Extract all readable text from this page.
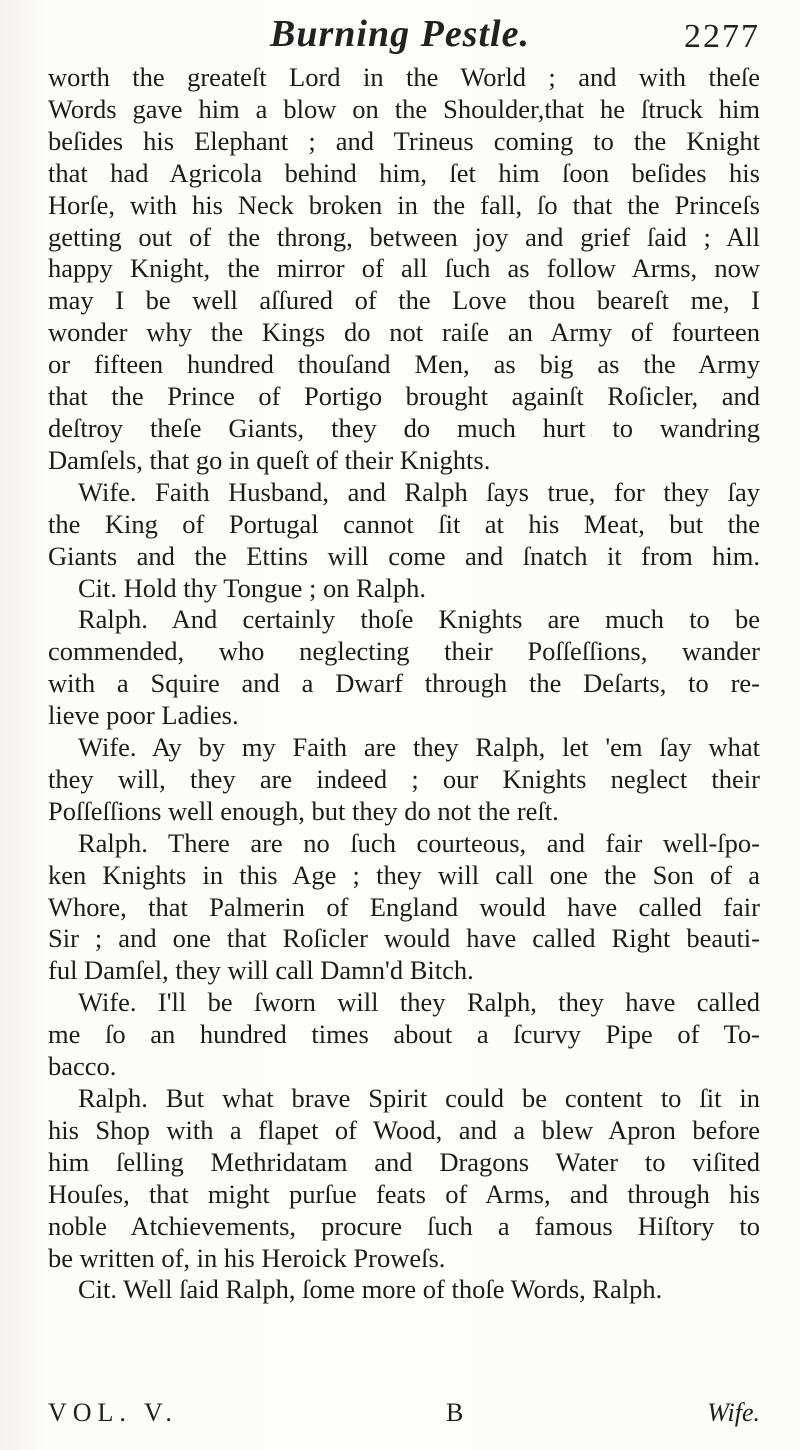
Burning Pestle.	2277
worth the greateſt Lord in the World ; and with theſe
Words gave him a blow on the Shoulder,that he ſtruck him
beſides his Elephant ; and Trineus coming to the Knight
that had Agricola behind him, ſet him ſoon beſides his
Horſe, with his Neck broken in the fall, ſo that the Princeſs
getting out of the throng, between joy and grief ſaid ; All
happy Knight, the mirror of all ſuch as follow Arms, now
may I be well aſſured of the Love thou beareſt me, I
wonder why the Kings do not raiſe an Army of fourteen
or fifteen hundred thouſand Men, as big as the Army
that the Prince of Portigo brought againſt Roſicler, and
deſtroy theſe Giants, they do much hurt to wandring
Damſels, that go in queſt of their Knights.
Wife. Faith Husband, and Ralph ſays true, for they ſay
the King of Portugal cannot ſit at his Meat, but the
Giants and the Ettins will come and ſnatch it from him.
Cit. Hold thy Tongue ; on Ralph.
Ralph. And certainly thoſe Knights are much to be
commended, who neglecting their Poſſeſſions, wander
with a Squire and a Dwarf through the Deſarts, to re-
lieve poor Ladies.
Wife. Ay by my Faith are they Ralph, let 'em ſay what
they will, they are indeed ; our Knights neglect their
Poſſeſſions well enough, but they do not the reſt.
Ralph. There are no ſuch courteous, and fair well-ſpo-
ken Knights in this Age ; they will call one the Son of a
Whore, that Palmerin of England would have called fair
Sir ; and one that Roſicler would have called Right beauti-
ful Damſel, they will call Damn'd Bitch.
Wife. I'll be ſworn will they Ralph, they have called
me ſo an hundred times about a ſcurvy Pipe of To-
bacco.
Ralph. But what brave Spirit could be content to ſit in
his Shop with a flapet of Wood, and a blew Apron before
him ſelling Methridatam and Dragons Water to viſited
Houſes, that might purſue feats of Arms, and through his
noble Atchievements, procure ſuch a famous Hiſtory to
be written of, in his Heroick Proweſs.
Cit. Well ſaid Ralph, ſome more of thoſe Words, Ralph.
VOL. V.	B	Wife.
